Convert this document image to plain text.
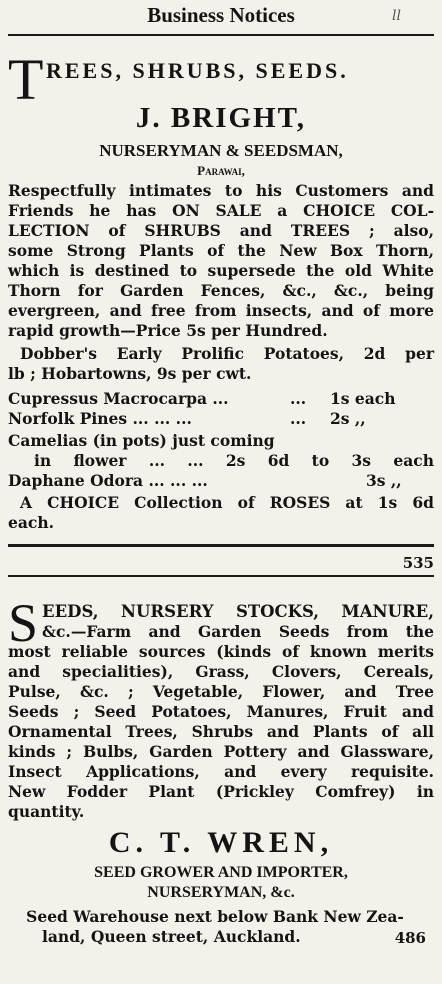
Business Notices	ll
T REES, SHRUBS, SEEDS.
J. BRIGHT,
NURSERYMAN & SEEDSMAN,
Parawai,
Respectfully intimates to his Customers and
Friends he has ON SALE a CHOICE COL-
LECTION of SHRUBS and TREES ; also,
some Strong Plants of the New Box Thorn,
which is destined to supersede the old White
Thorn for Garden Fences, &c., &c., being
evergreen, and free from insects, and of more
rapid growth—Price 5s per Hundred.
Dobber's Early Prolific Potatoes, 2d per
lb ; Hobartowns, 9s per cwt.
Cupressus Macrocarpa ...	... 1s each
Norfolk Pines ... ... ...	... 2s ,,
Camelias (in pots) just coming
in flower ... ... 2s 6d to 3s each
Daphane Odora ... ... ...	3s ,,
A CHOICE Collection of ROSES at 1s 6d
each.
535
S EEDS, NURSERY STOCKS, MANURE,
&c.—Farm and Garden Seeds from the
most reliable sources (kinds of known merits
and specialities), Grass, Clovers, Cereals,
Pulse, &c. ; Vegetable, Flower, and Tree
Seeds ; Seed Potatoes, Manures, Fruit and
Ornamental Trees, Shrubs and Plants of all
kinds ; Bulbs, Garden Pottery and Glassware,
Insect Applications, and every requisite.
New Fodder Plant (Prickley Comfrey) in
quantity.
C. T. WREN,
SEED GROWER AND IMPORTER,
NURSERYMAN, &c.
Seed Warehouse next below Bank New Zea-
land, Queen street, Auckland.	486
